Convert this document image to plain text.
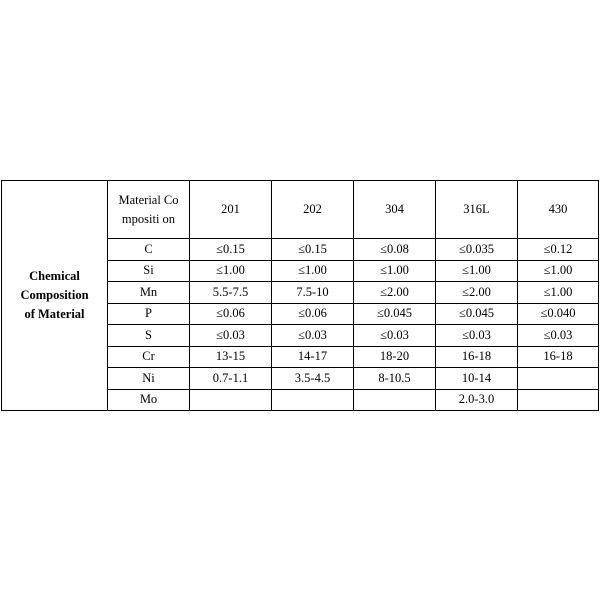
Chemical
Composition
of Material	Material Compositi on	201	202	304	316L	430
	C	≤0.15	≤0.15	≤0.08	≤0.035	≤0.12
	Si	≤1.00	≤1.00	≤1.00	≤1.00	≤1.00
	Mn	5.5-7.5	7.5-10	≤2.00	≤2.00	≤1.00
	P	≤0.06	≤0.06	≤0.045	≤0.045	≤0.040
	S	≤0.03	≤0.03	≤0.03	≤0.03	≤0.03
	Cr	13-15	14-17	18-20	16-18	16-18
	Ni	0.7-1.1	3.5-4.5	8-10.5	10-14	
	Mo				2.0-3.0	
